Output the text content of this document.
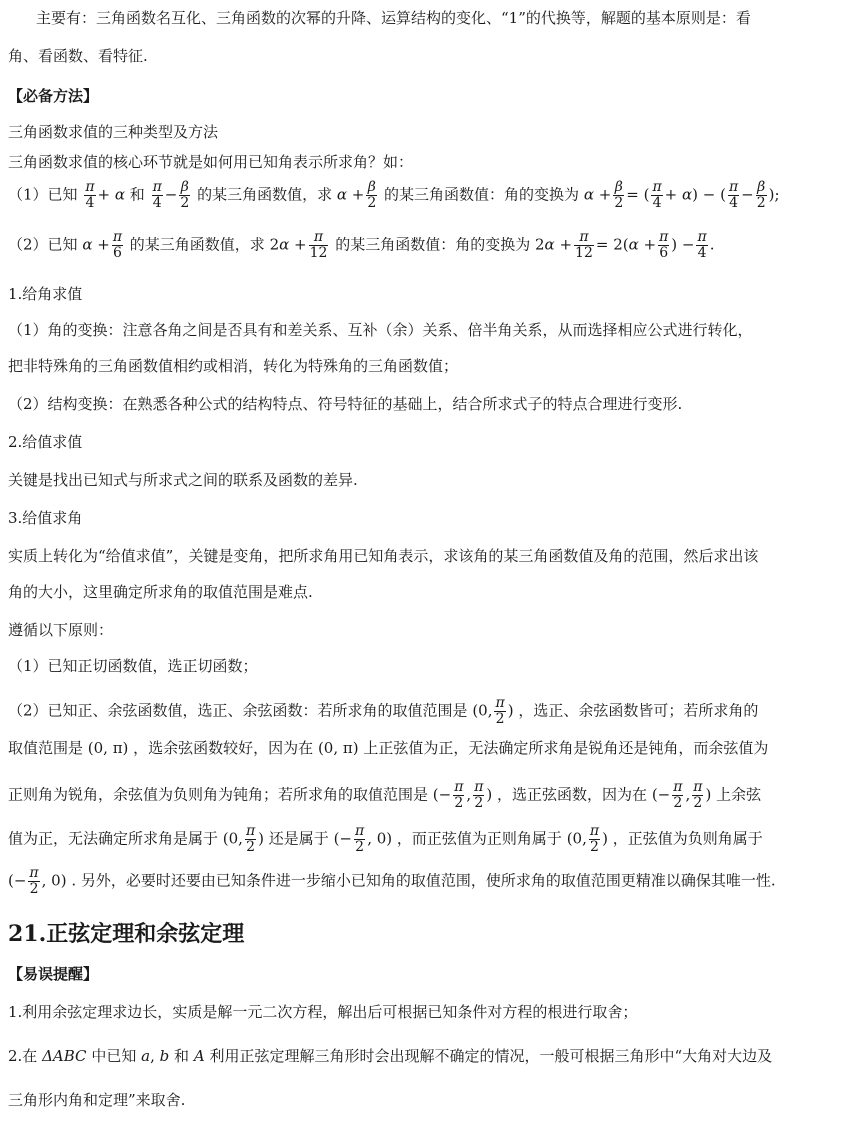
主要有：三角函数名互化、三角函数的次幂的升降、运算结构的变化、“1”的代换等，解题的基本原则是：看
角、看函数、看特征.
【必备方法】
三角函数求值的三种类型及方法
三角函数求值的核心环节就是如何用已知角表示所求角？如：
（1）已知 $\frac{\pi}{4} + \alpha$ 和 $\frac{\pi}{4} - \frac{\beta}{2}$ 的某三角函数值，求 $\alpha + \frac{\beta}{2}$ 的某三角函数值：角的变换为 $\alpha + \frac{\beta}{2}$ = ( $\frac{\pi}{4} + \alpha$) − ( $\frac{\pi}{4} - \frac{\beta}{2}$ );
（2）已知 $\alpha + \frac{\pi}{6}$ 的某三角函数值，求 $2\alpha + \frac{\pi}{12}$ 的某三角函数值：角的变换为 $2\alpha + \frac{\pi}{12} = 2(\alpha + \frac{\pi}{6}$ ) − $\frac{\pi}{4}$ .
1.给角求值
（1）角的变换：注意各角之间是否具有和差关系、互补（余）关系、倍半角关系，从而选择相应公式进行转化，
把非特殊角的三角函数值相约或相消，转化为特殊角的三角函数值；
（2）结构变换：在熟悉各种公式的结构特点、符号特征的基础上，结合所求式子的特点合理进行变形.
2.给值求值
关键是找出已知式与所求式之间的联系及函数的差异.
3.给值求角
实质上转化为“给值求值”，关键是变角，把所求角用已知角表示，求该角的某三角函数值及角的范围，然后求出该
角的大小，这里确定所求角的取值范围是难点.
遵循以下原则：
（1）已知正切函数值，选正切函数；
（2）已知正、余弦函数值，选正、余弦函数：若所求角的取值范围是 (0, $\frac{\pi}{2}$ ) ，选正、余弦函数皆可；若所求角的
取值范围是 (0, π) ，选余弦函数较好，因为在 (0, π) 上正弦值为正，无法确定所求角是锐角还是钝角，而余弦值为
正则角为锐角，余弦值为负则角为钝角；若所求角的取值范围是 (− $\frac{\pi}{2}$ , $\frac{\pi}{2}$ ) ，选正弦函数，因为在 (− $\frac{\pi}{2}$ , $\frac{\pi}{2}$ ) 上余弦
值为正，无法确定所求角是属于 (0, $\frac{\pi}{2}$ ) 还是属于 (− $\frac{\pi}{2}$ , 0) ，而正弦值为正则角属于 (0, $\frac{\pi}{2}$ ) ，正弦值为负则角属于
(− $\frac{\pi}{2}$ , 0) . 另外，必要时还要由已知条件进一步缩小已知角的取值范围，使所求角的取值范围更精准以确保其唯一性.
21.正弦定理和余弦定理
【易误提醒】
1.利用余弦定理求边长，实质是解一元二次方程，解出后可根据已知条件对方程的根进行取舍；
2.在 ΔABC 中已知 a, b 和 A 利用正弦定理解三角形时会出现解不确定的情况，一般可根据三角形中“大角对大边及
三角形内角和定理”来取舍.
